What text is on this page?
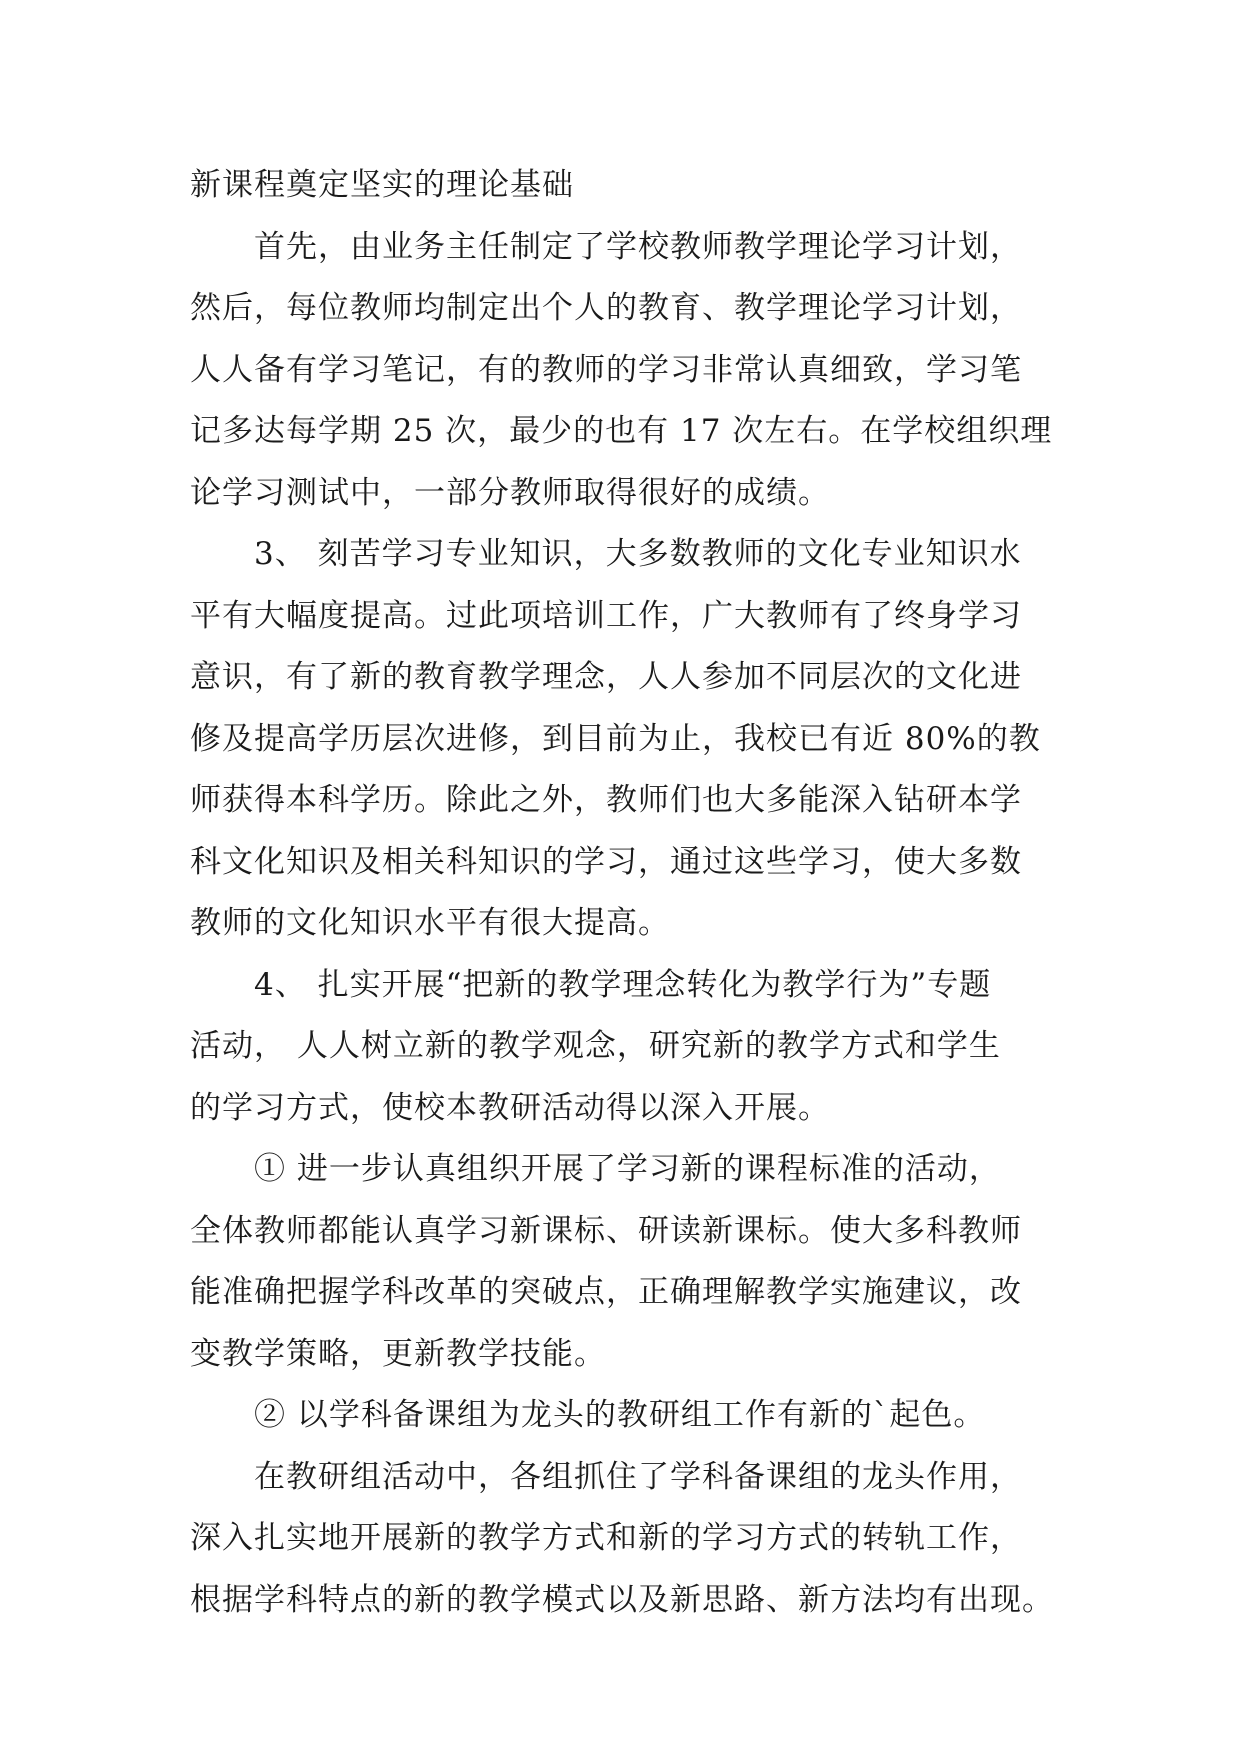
新课程奠定坚实的理论基础
首先，由业务主任制定了学校教师教学理论学习计划，
然后，每位教师均制定出个人的教育、教学理论学习计划，
人人备有学习笔记，有的教师的学习非常认真细致，学习笔
记多达每学期 25 次，最少的也有 17 次左右。在学校组织理
论学习测试中，一部分教师取得很好的成绩。
3、 刻苦学习专业知识，大多数教师的文化专业知识水
平有大幅度提高。过此项培训工作，广大教师有了终身学习
意识，有了新的教育教学理念，人人参加不同层次的文化进
修及提高学历层次进修，到目前为止，我校已有近 80%的教
师获得本科学历。除此之外，教师们也大多能深入钻研本学
科文化知识及相关科知识的学习，通过这些学习，使大多数
教师的文化知识水平有很大提高。
4、 扎实开展“把新的教学理念转化为教学行为”专题
活动， 人人树立新的教学观念，研究新的教学方式和学生
的学习方式，使校本教研活动得以深入开展。
① 进一步认真组织开展了学习新的课程标准的活动，
全体教师都能认真学习新课标、研读新课标。使大多科教师
能准确把握学科改革的突破点，正确理解教学实施建议，改
变教学策略，更新教学技能。
② 以学科备课组为龙头的教研组工作有新的`起色。
在教研组活动中，各组抓住了学科备课组的龙头作用，
深入扎实地开展新的教学方式和新的学习方式的转轨工作，
根据学科特点的新的教学模式以及新思路、新方法均有出现。
